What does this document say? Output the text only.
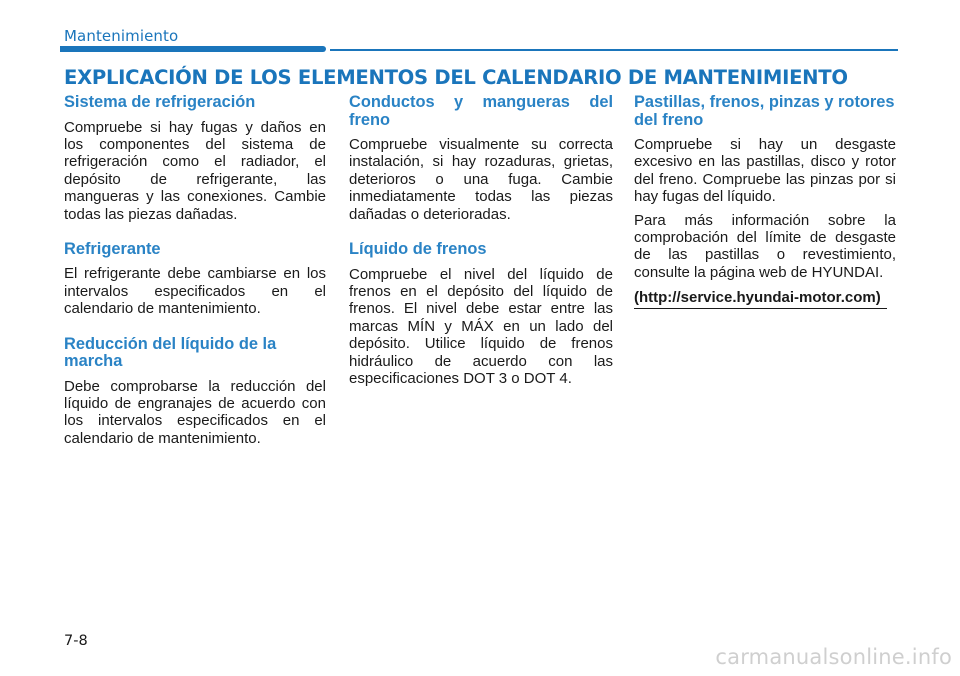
Mantenimiento
EXPLICACIÓN DE LOS ELEMENTOS DEL CALENDARIO DE MANTENIMIENTO
Sistema de refrigeración

Compruebe si hay fugas y daños en los componentes del sistema de refrigeración como el radiador, el depósito de refrigerante, las mangueras y las conexiones. Cambie todas las piezas dañadas.

Refrigerante

El refrigerante debe cambiarse en los intervalos especificados en el calendario de mantenimiento.

Reducción del líquido de la marcha

Debe comprobarse la reducción del líquido de engranajes de acuerdo con los intervalos especificados en el calendario de mantenimiento.

Conductos y mangueras del freno

Compruebe visualmente su correcta instalación, si hay rozaduras, grietas, deterioros o una fuga. Cambie inmediatamente todas las piezas dañadas o deterioradas.

Líquido de frenos

Compruebe el nivel del líquido de frenos en el depósito del líquido de frenos. El nivel debe estar entre las marcas MÍN y MÁX en un lado del depósito. Utilice líquido de frenos hidráulico de acuerdo con las especificaciones DOT 3 o DOT 4.

Pastillas, frenos, pinzas y rotores del freno

Compruebe si hay un desgaste excesivo en las pastillas, disco y rotor del freno. Compruebe las pinzas por si hay fugas del líquido.

Para más información sobre la comprobación del límite de desgaste de las pastillas o revestimiento, consulte la página web de HYUNDAI.

(http://service.hyundai-motor.com)
7-8
carmanualsonline.info
